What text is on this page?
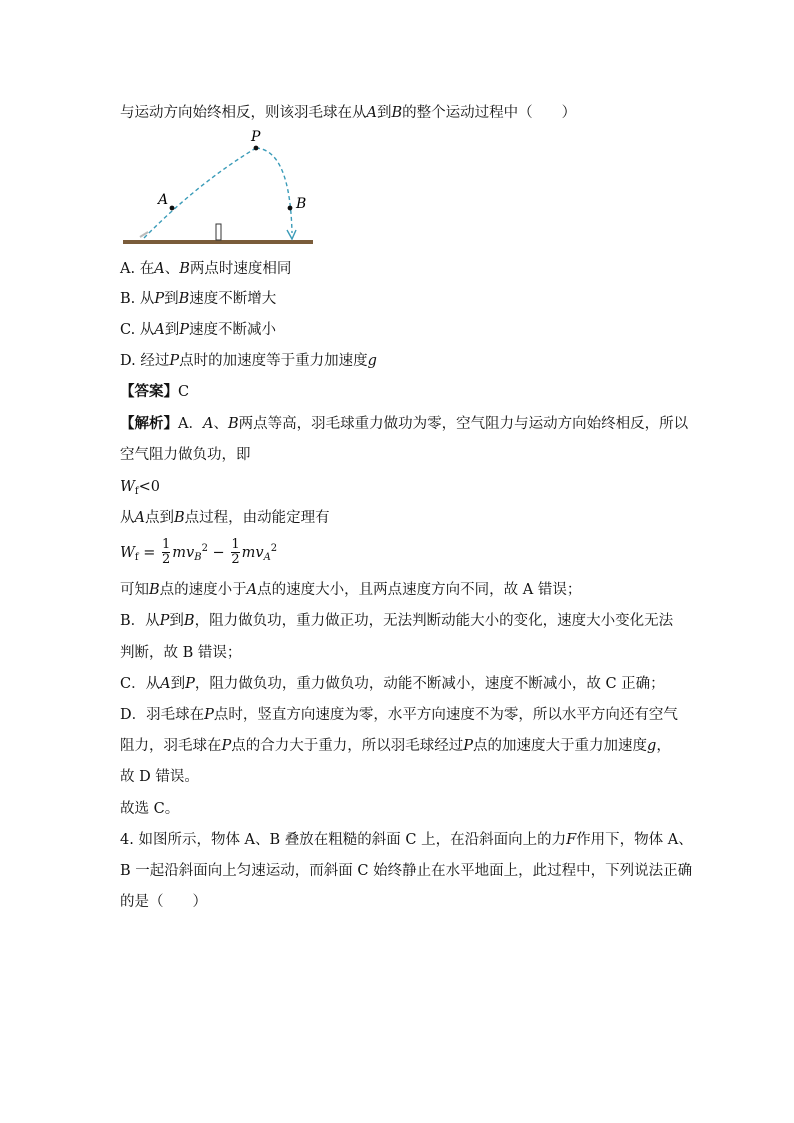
与运动方向始终相反，则该羽毛球在从A到B的整个运动过程中（　　）
A
P
B
A. 在A、B两点时速度相同
B. 从P到B速度不断增大
C. 从A到P速度不断减小
D. 经过P点时的加速度等于重力加速度g
【答案】C
【解析】A．A、B两点等高，羽毛球重力做功为零，空气阻力与运动方向始终相反，所以
空气阻力做负功，即
$W_f<0$
从A点到B点过程，由动能定理有
$W_f = \frac{1}{2} mv_B^2 - \frac{1}{2} mv_A^2$
可知B点的速度小于A点的速度大小，且两点速度方向不同，故 A 错误；
B．从P到B，阻力做负功，重力做正功，无法判断动能大小的变化，速度大小变化无法
判断，故 B 错误；
C．从A到P，阻力做负功，重力做负功，动能不断减小，速度不断减小，故 C 正确；
D．羽毛球在P点时，竖直方向速度为零，水平方向速度不为零，所以水平方向还有空气
阻力，羽毛球在P点的合力大于重力，所以羽毛球经过P点的加速度大于重力加速度g，
故 D 错误。
故选 C。
4. 如图所示，物体 A、B 叠放在粗糙的斜面 C 上，在沿斜面向上的力F作用下，物体 A、
B 一起沿斜面向上匀速运动，而斜面 C 始终静止在水平地面上，此过程中，下列说法正确
的是（　　）
